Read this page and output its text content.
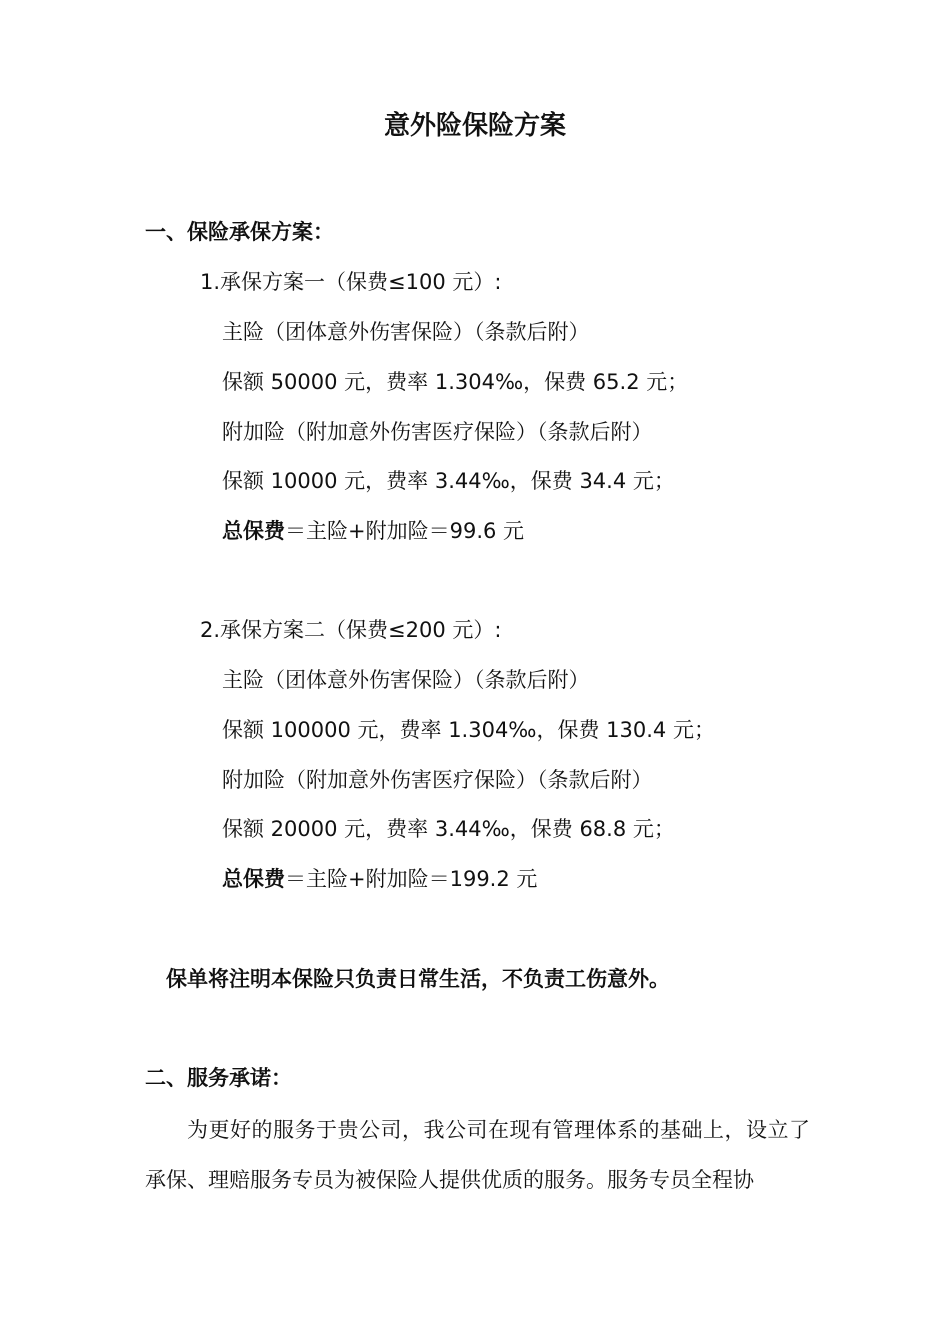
意外险保险方案
一、保险承保方案：
1.承保方案一（保费≤100 元）:
主险（团体意外伤害保险）（条款后附）
保额 50000 元，费率 1.304‰，保费 65.2 元；
附加险（附加意外伤害医疗保险）（条款后附）
保额 10000 元，费率 3.44‰，保费 34.4 元；
总保费＝主险+附加险＝99.6 元
2.承保方案二（保费≤200 元）:
主险（团体意外伤害保险）（条款后附）
保额 100000 元，费率 1.304‰，保费 130.4 元；
附加险（附加意外伤害医疗保险）（条款后附）
保额 20000 元，费率 3.44‰，保费 68.8 元；
总保费＝主险+附加险＝199.2 元
保单将注明本保险只负责日常生活，不负责工伤意外。
二、服务承诺：
为更好的服务于贵公司，我公司在现有管理体系的基础上，设立了承保、理赔服务专员为被保险人提供优质的服务。服务专员全程协
